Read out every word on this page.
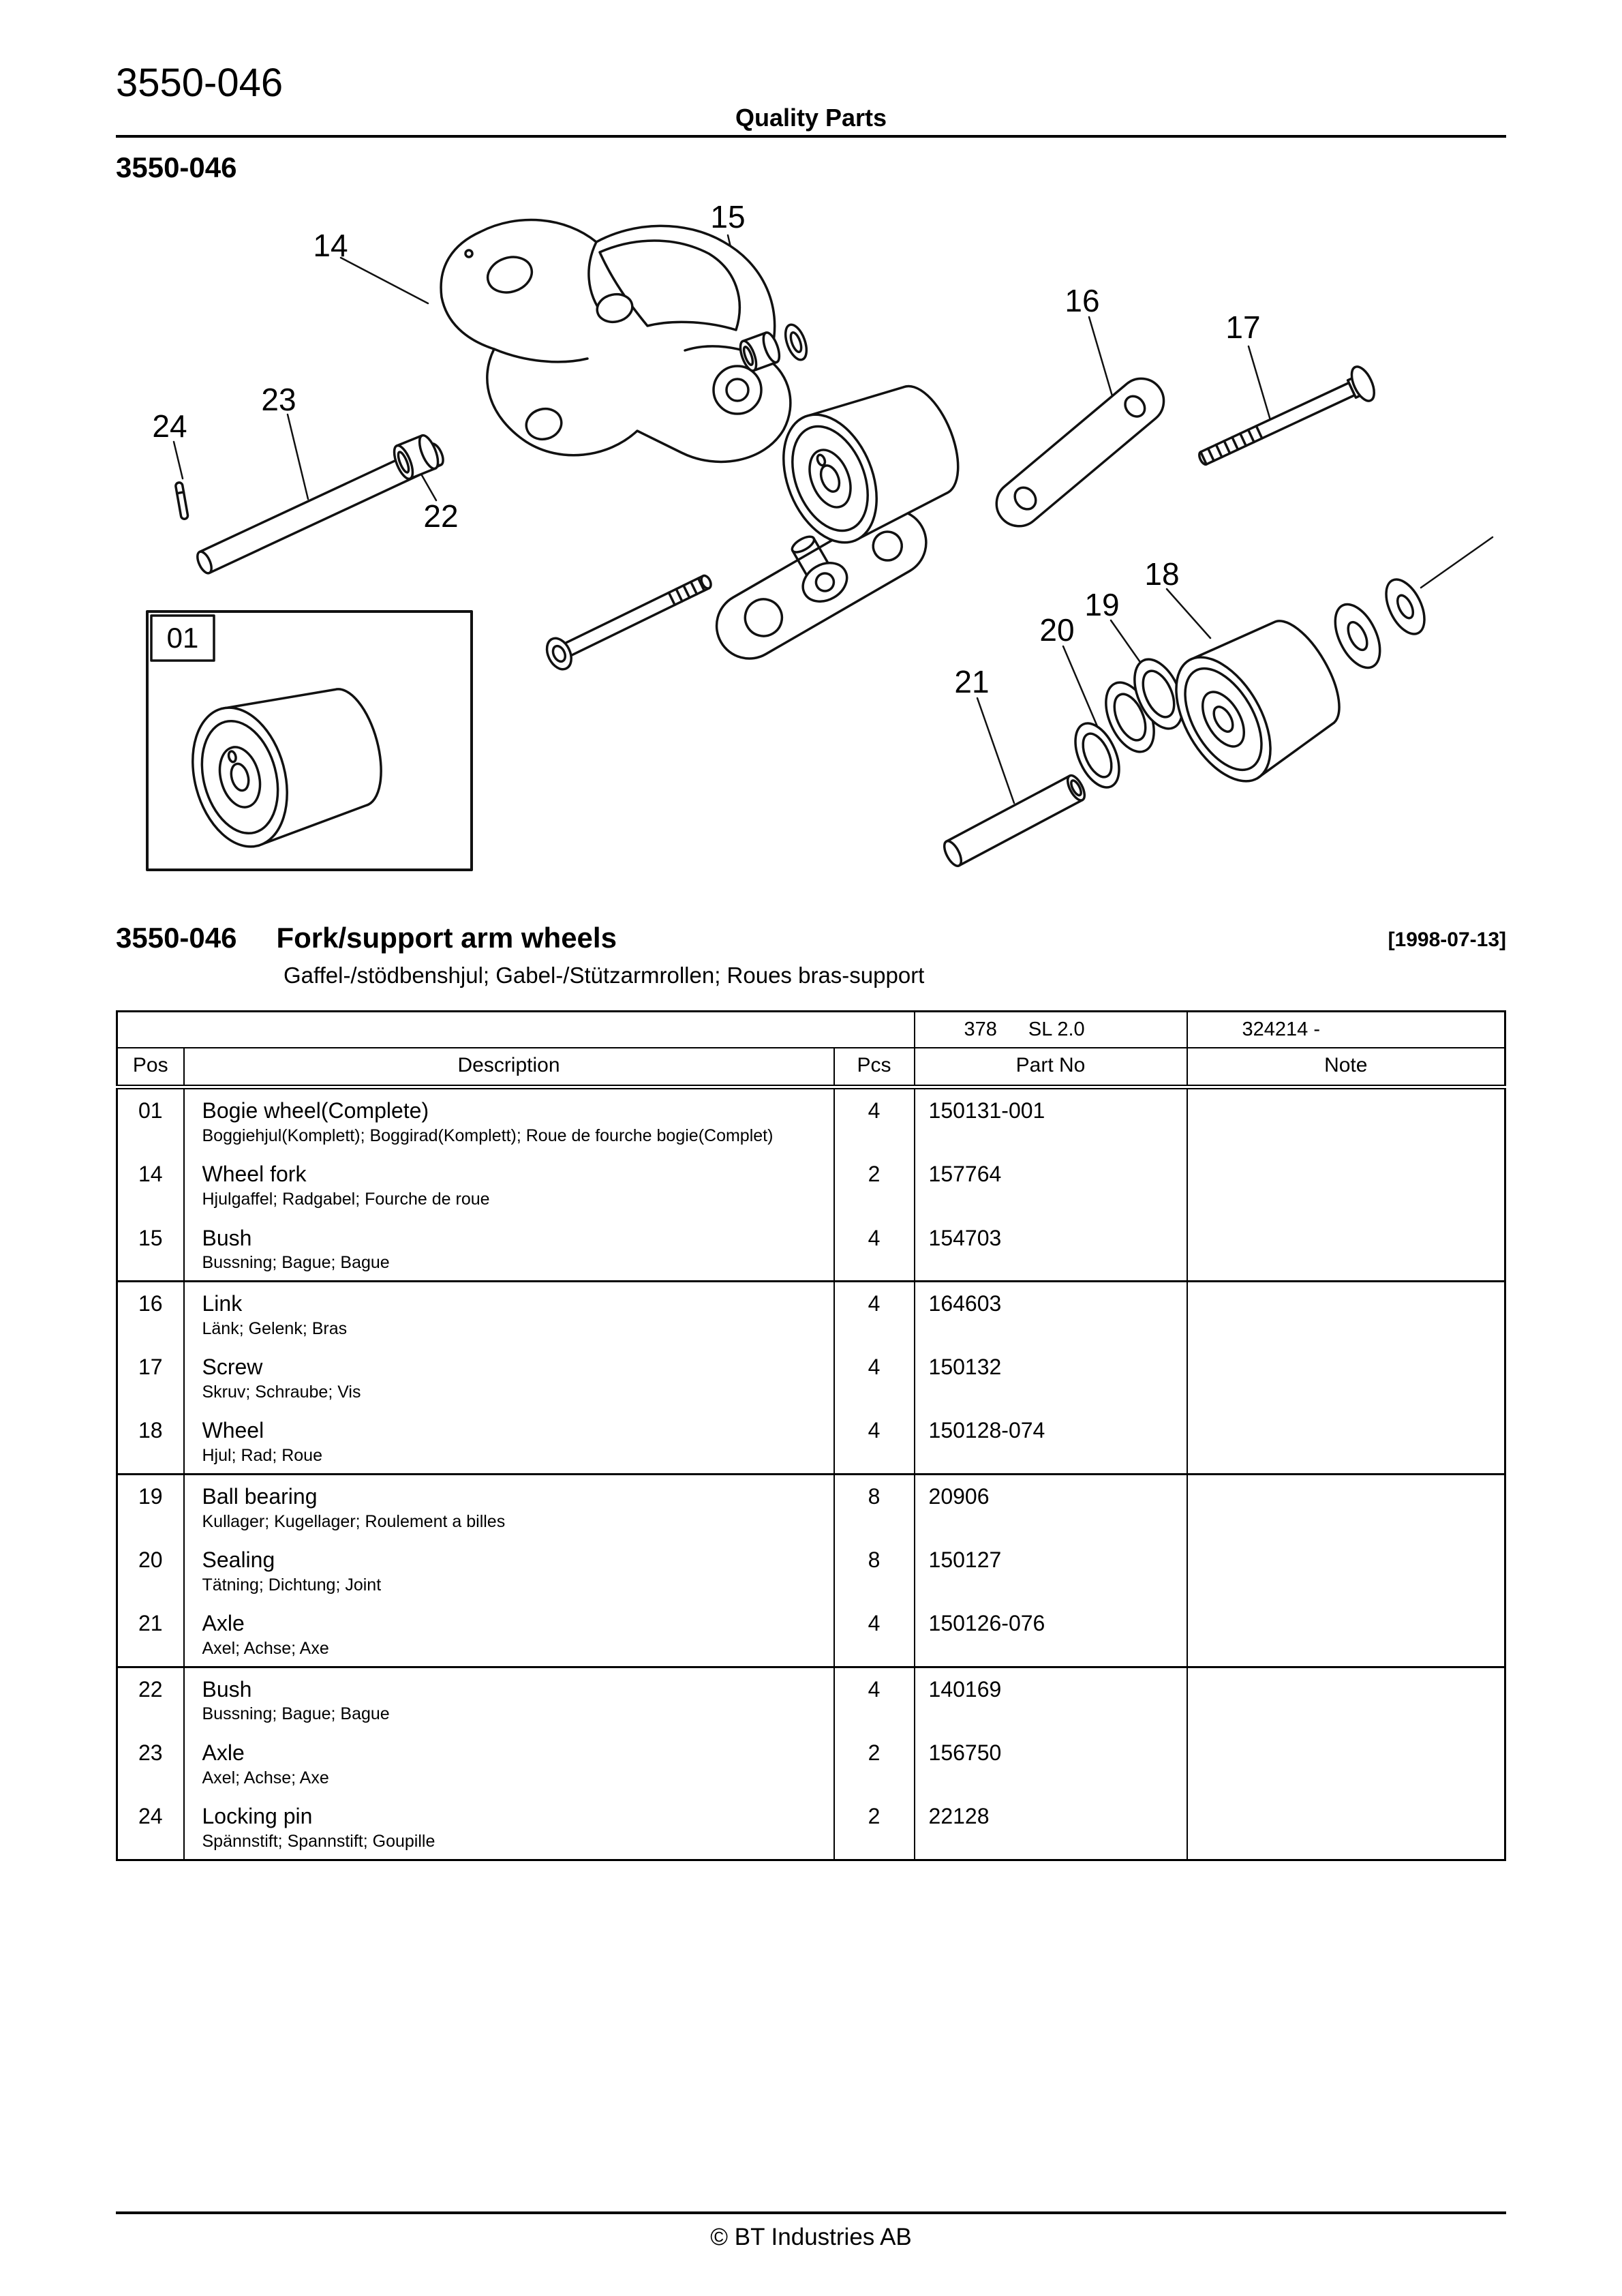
3550-046
Quality Parts
3550-046
14
15
16
17
23
24
22
18
19
20
21
01
3550-046 Fork/support arm wheels	[1998-07-13]
Gaffel-/stödbenshjul; Gabel-/Stützarmrollen; Roues bras-support
			378 SL 2.0	324214 -
Pos	Description	Pcs	Part No	Note
01	Bogie wheel(Complete)
Boggiehjul(Komplett); Boggirad(Komplett); Roue de fourche bogie(Complet)	4	150131-001	
14	Wheel fork
Hjulgaffel; Radgabel; Fourche de roue	2	157764	
15	Bush
Bussning; Bague; Bague	4	154703	
16	Link
Länk; Gelenk; Bras	4	164603	
17	Screw
Skruv; Schraube; Vis	4	150132	
18	Wheel
Hjul; Rad; Roue	4	150128-074	
19	Ball bearing
Kullager; Kugellager; Roulement a billes	8	20906	
20	Sealing
Tätning; Dichtung; Joint	8	150127	
21	Axle
Axel; Achse; Axe	4	150126-076	
22	Bush
Bussning; Bague; Bague	4	140169	
23	Axle
Axel; Achse; Axe	2	156750	
24	Locking pin
Spännstift; Spannstift; Goupille	2	22128	
© BT Industries AB
